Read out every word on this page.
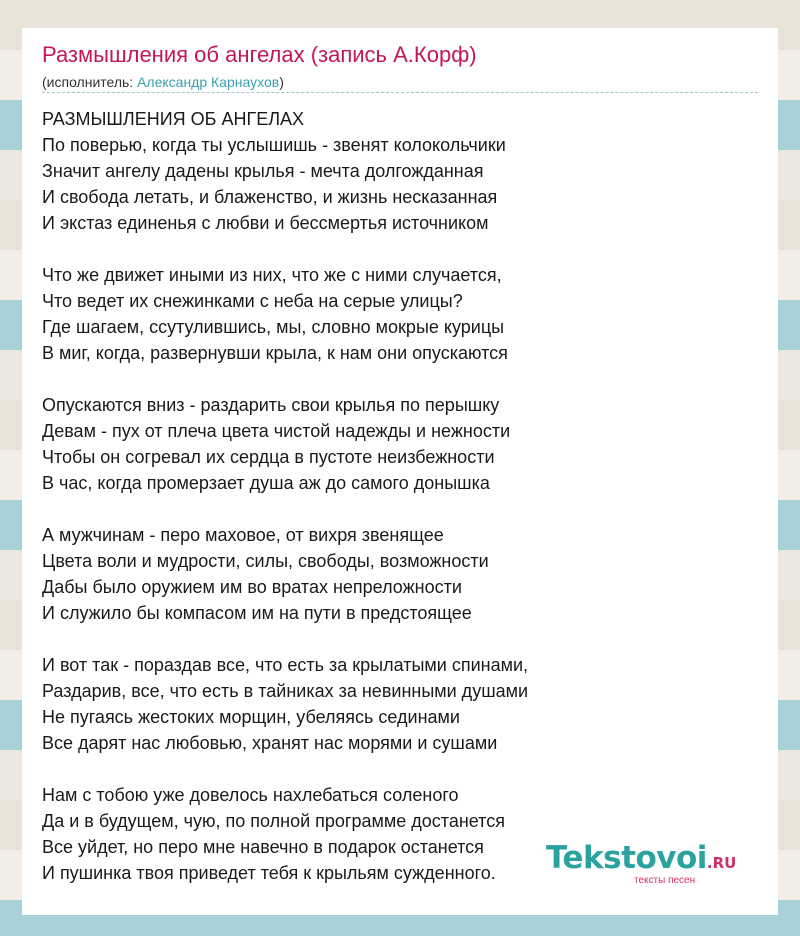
Размышления об ангелах (запись А.Корф)
(исполнитель: Александр Карнаухов)
РАЗМЫШЛЕНИЯ ОБ АНГЕЛАХ
По поверью, когда ты услышишь - звенят колокольчики
Значит ангелу дадены крылья - мечта долгожданная
И свобода летать, и блаженство, и жизнь несказанная
И экстаз единенья с любви и бессмертья источником
Что же движет иными из них, что же с ними случается,
Что ведет их снежинками с неба на серые улицы?
Где шагаем, ссутулившись, мы, словно мокрые курицы
В миг, когда, развернувши крыла, к нам они опускаются
Опускаются вниз - раздарить свои крылья по перышку
Девам - пух от плеча цвета чистой надежды и нежности
Чтобы он согревал их сердца в пустоте неизбежности
В час, когда промерзает душа аж до самого донышка
А мужчинам - перо маховое, от вихря звенящее
Цвета воли и мудрости, силы, свободы, возможности
Дабы было оружием им во вратах непреложности
И служило бы компасом им на пути в предстоящее
И вот так - пораздав все, что есть за крылатыми спинами,
Раздарив, все, что есть в тайниках за невинными душами
Не пугаясь жестоких морщин, убеляясь сединами
Все дарят нас любовью, хранят нас морями и сушами
Нам с тобою уже довелось нахлебаться соленого
Да и в будущем, чую, по полной программе достанется
Все уйдет, но перо мне навечно в подарок останется
И пушинка твоя приведет тебя к крыльям сужденного.	Tekstovoi.RU
тексты песен
